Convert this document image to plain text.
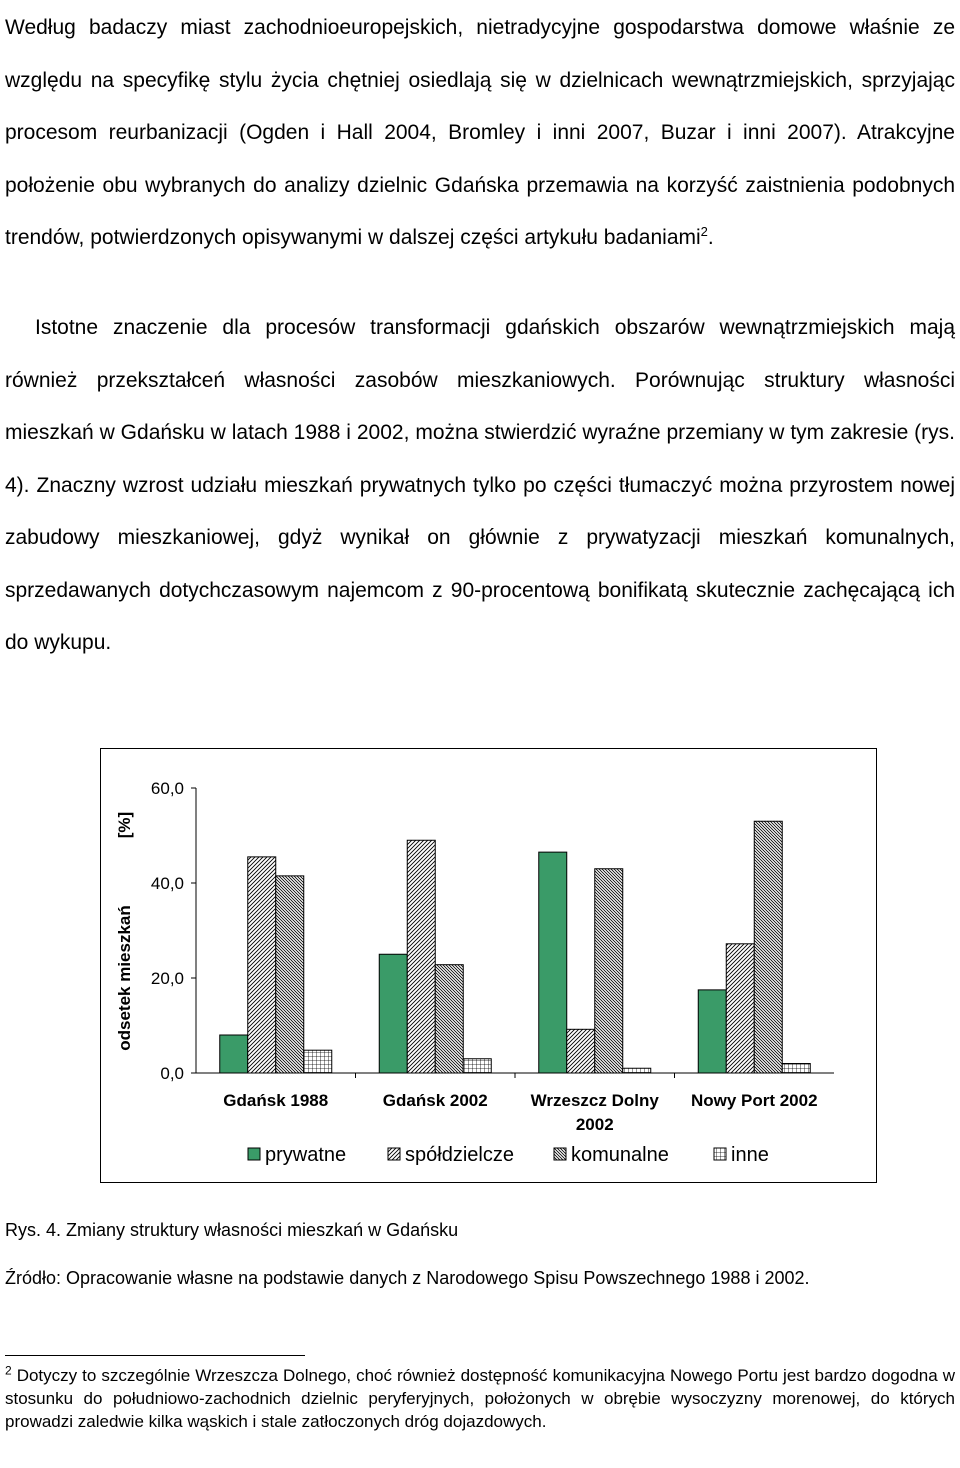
Według badaczy miast zachodnioeuropejskich, nietradycyjne gospodarstwa domowe właśnie ze względu na specyfikę stylu życia chętniej osiedlają się w dzielnicach wewnątrzmiejskich, sprzyjając procesom reurbanizacji (Ogden i Hall 2004, Bromley i inni 2007, Buzar i inni 2007). Atrakcyjne położenie obu wybranych do analizy dzielnic Gdańska przemawia na korzyść zaistnienia podobnych trendów, potwierdzonych opisywanymi w dalszej części artykułu badaniami$^2$.

Istotne znaczenie dla procesów transformacji gdańskich obszarów wewnątrzmiejskich mają również przekształceń własności zasobów mieszkaniowych. Porównując struktury własności mieszkań w Gdańsku w latach 1988 i 2002, można stwierdzić wyraźne przemiany w tym zakresie (rys. 4). Znaczny wzrost udziału mieszkań prywatnych tylko po części tłumaczyć można przyrostem nowej zabudowy mieszkaniowej, gdyż wynikał on głównie z prywatyzacji mieszkań komunalnych, sprzedawanych dotychczasowym najemcom z 90-procentową bonifikatą skutecznie zachęcającą ich do wykupu.

odsetek mieszkań
[%]
0,0
20,0
40,0
60,0
Gdańsk 1988	Gdańsk 2002	Wrzeszcz Dolny
2002
Nowy Port 2002
prywatne	spółdzielcze	komunalne	inne

Rys. 4. Zmiany struktury własności mieszkań w Gdańsku

Źródło: Opracowanie własne na podstawie danych z Narodowego Spisu Powszechnego 1988 i 2002.

$^2$ Dotyczy to szczególnie Wrzeszcza Dolnego, choć również dostępność komunikacyjna Nowego Portu jest bardzo dogodna w stosunku do południowo-zachodnich dzielnic peryferyjnych, położonych w obrębie wysoczyzny morenowej, do których prowadzi zaledwie kilka wąskich i stale zatłoczonych dróg dojazdowych.
